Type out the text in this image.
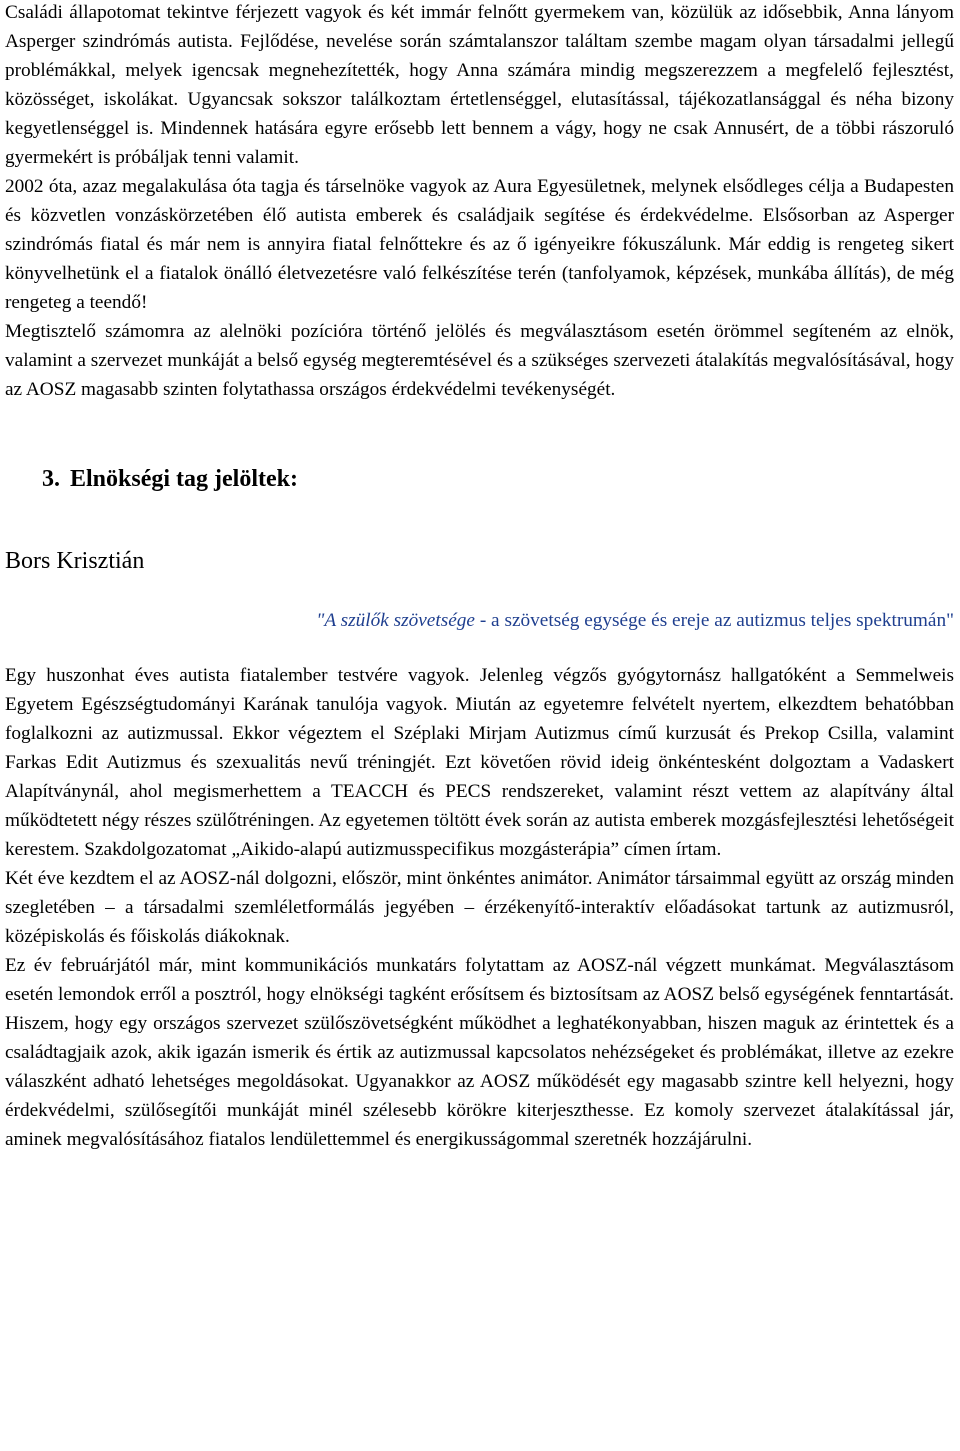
Családi állapotomat tekintve férjezett vagyok és két immár felnőtt gyermekem van, közülük az idősebbik, Anna lányom Asperger szindrómás autista. Fejlődése, nevelése során számtalanszor találtam szembe magam olyan társadalmi jellegű problémákkal, melyek igencsak megnehezítették, hogy Anna számára mindig megszerezzem a megfelelő fejlesztést, közösséget, iskolákat. Ugyancsak sokszor találkoztam értetlenséggel, elutasítással, tájékozatlansággal és néha bizony kegyetlenséggel is. Mindennek hatására egyre erősebb lett bennem a vágy, hogy ne csak Annusért, de a többi rászoruló gyermekért is próbáljak tenni valamit.

2002 óta, azaz megalakulása óta tagja és társelnöke vagyok az Aura Egyesületnek, melynek elsődleges célja a Budapesten és közvetlen vonzáskörzetében élő autista emberek és családjaik segítése és érdekvédelme. Elsősorban az Asperger szindrómás fiatal és már nem is annyira fiatal felnőttekre és az ő igényeikre fókuszálunk. Már eddig is rengeteg sikert könyvelhetünk el a fiatalok önálló életvezetésre való felkészítése terén (tanfolyamok, képzések, munkába állítás), de még rengeteg a teendő!

Megtisztelő számomra az alelnöki pozícióra történő jelölés és megválasztásom esetén örömmel segíteném az elnök, valamint a szervezet munkáját a belső egység megteremtésével és a szükséges szervezeti átalakítás megvalósításával, hogy az AOSZ magasabb szinten folytathassa országos érdekvédelmi tevékenységét.

3. Elnökségi tag jelöltek:
Bors Krisztián
"A szülők szövetsége - a szövetség egysége és ereje az autizmus teljes spektrumán"

Egy huszonhat éves autista fiatalember testvére vagyok. Jelenleg végzős gyógytornász hallgatóként a Semmelweis Egyetem Egészségtudományi Karának tanulója vagyok. Miután az egyetemre felvételt nyertem, elkezdtem behatóbban foglalkozni az autizmussal. Ekkor végeztem el Széplaki Mirjam Autizmus című kurzusát és Prekop Csilla, valamint Farkas Edit Autizmus és szexualitás nevű tréningjét. Ezt követően rövid ideig önkéntesként dolgoztam a Vadaskert Alapítványnál, ahol megismerhettem a TEACCH és PECS rendszereket, valamint részt vettem az alapítvány által működtetett négy részes szülőtréningen. Az egyetemen töltött évek során az autista emberek mozgásfejlesztési lehetőségeit kerestem. Szakdolgozatomat „Aikido-alapú autizmusspecifikus mozgásterápia” címen írtam.

Két éve kezdtem el az AOSZ-nál dolgozni, először, mint önkéntes animátor. Animátor társaimmal együtt az ország minden szegletében – a társadalmi szemléletformálás jegyében – érzékenyítő-interaktív előadásokat tartunk az autizmusról, középiskolás és főiskolás diákoknak.

Ez év februárjától már, mint kommunikációs munkatárs folytattam az AOSZ-nál végzett munkámat. Megválasztásom esetén lemondok erről a posztról, hogy elnökségi tagként erősítsem és biztosítsam az AOSZ belső egységének fenntartását. Hiszem, hogy egy országos szervezet szülőszövetségként működhet a leghatékonyabban, hiszen maguk az érintettek és a családtagjaik azok, akik igazán ismerik és értik az autizmussal kapcsolatos nehézségeket és problémákat, illetve az ezekre válaszként adható lehetséges megoldásokat. Ugyanakkor az AOSZ működését egy magasabb szintre kell helyezni, hogy érdekvédelmi, szülősegítői munkáját minél szélesebb körökre kiterjeszthesse. Ez komoly szervezet átalakítással jár, aminek megvalósításához fiatalos lendülettemmel és energikusságommal szeretnék hozzájárulni.
